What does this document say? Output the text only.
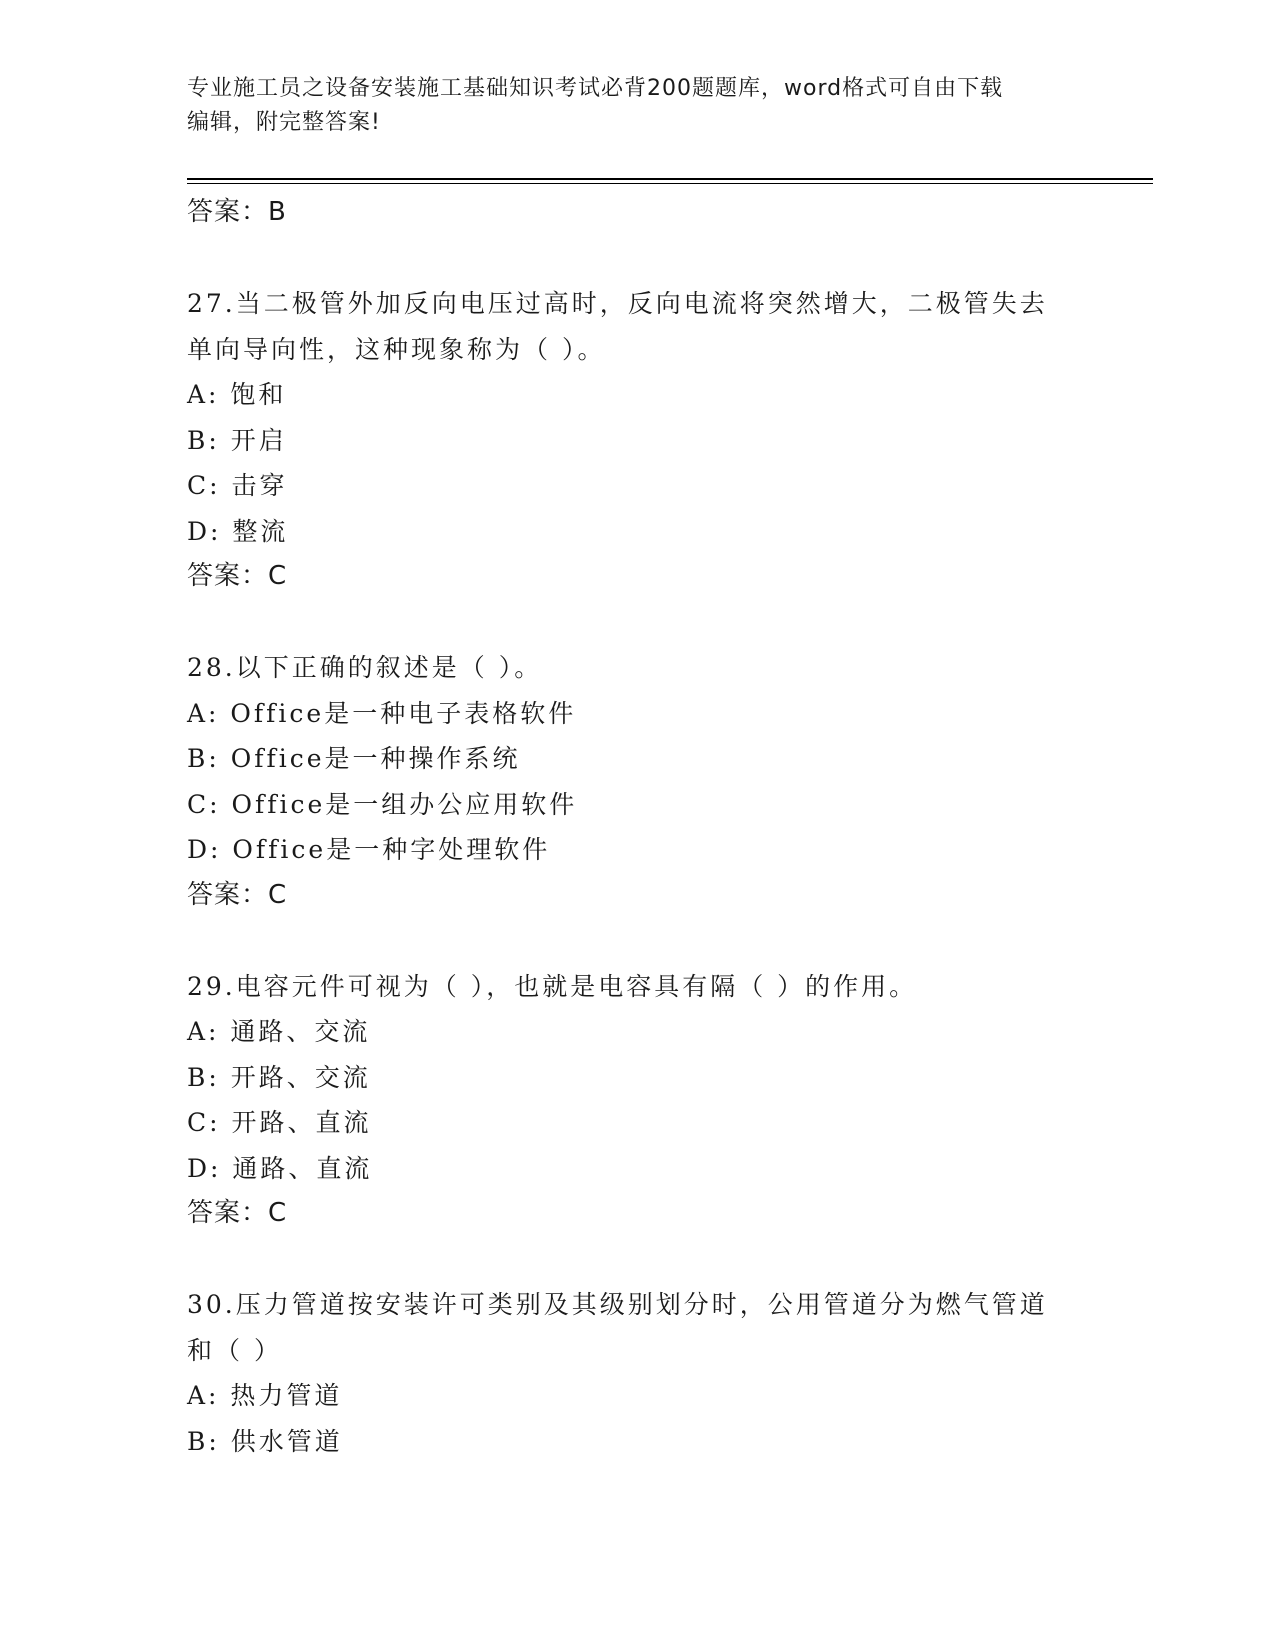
专业施工员之设备安装施工基础知识考试必背200题题库，word格式可自由下载
编辑，附完整答案!
答案：B
27.当二极管外加反向电压过高时，反向电流将突然增大，二极管失去
单向导向性，这种现象称为（ ）。
A: 饱和
B: 开启
C: 击穿
D: 整流
答案：C
28.以下正确的叙述是（ ）。
A: Office是一种电子表格软件
B: Office是一种操作系统
C: Office是一组办公应用软件
D: Office是一种字处理软件
答案：C
29.电容元件可视为（ ），也就是电容具有隔（ ）的作用。
A: 通路、交流
B: 开路、交流
C: 开路、直流
D: 通路、直流
答案：C
30.压力管道按安装许可类别及其级别划分时，公用管道分为燃气管道
和（ ）
A: 热力管道
B: 供水管道
